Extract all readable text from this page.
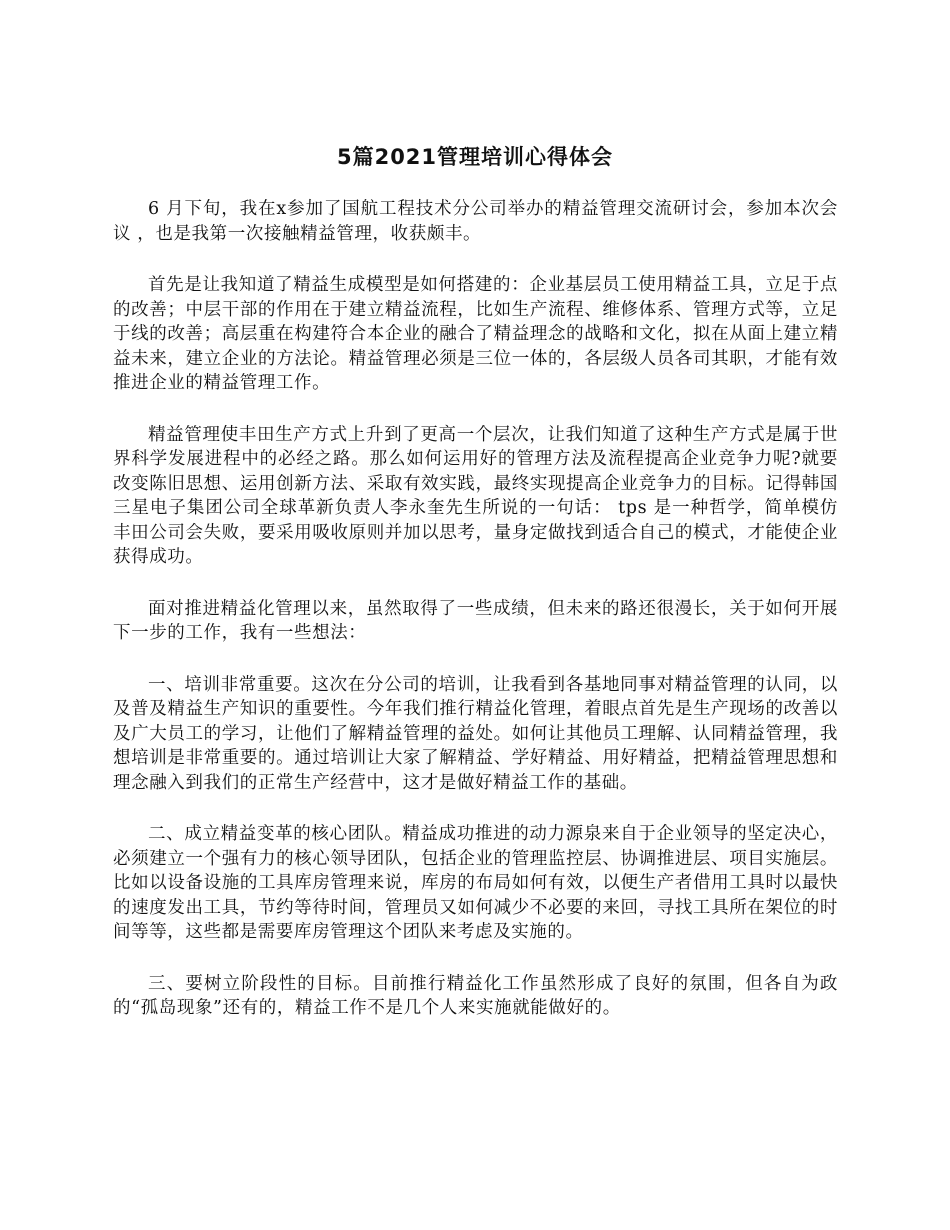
5篇2021管理培训心得体会

6 月下旬，我在x参加了国航工程技术分公司举办的精益管理交流研讨会，参加本次会议 ，也是我第一次接触精益管理，收获颇丰。

首先是让我知道了精益生成模型是如何搭建的：企业基层员工使用精益工具，立足于点的改善；中层干部的作用在于建立精益流程，比如生产流程、维修体系、管理方式等，立足于线的改善；高层重在构建符合本企业的融合了精益理念的战略和文化，拟在从面上建立精益未来，建立企业的方法论。精益管理必须是三位一体的，各层级人员各司其职，才能有效推进企业的精益管理工作。

精益管理使丰田生产方式上升到了更高一个层次，让我们知道了这种生产方式是属于世界科学发展进程中的必经之路。那么如何运用好的管理方法及流程提高企业竞争力呢?就要改变陈旧思想、运用创新方法、采取有效实践，最终实现提高企业竞争力的目标。记得韩国三星电子集团公司全球革新负责人李永奎先生所说的一句话： tps 是一种哲学，简单模仿丰田公司会失败，要采用吸收原则并加以思考，量身定做找到适合自己的模式，才能使企业获得成功。

面对推进精益化管理以来，虽然取得了一些成绩，但未来的路还很漫长，关于如何开展下一步的工作，我有一些想法：

一、培训非常重要。这次在分公司的培训，让我看到各基地同事对精益管理的认同，以及普及精益生产知识的重要性。今年我们推行精益化管理，着眼点首先是生产现场的改善以及广大员工的学习，让他们了解精益管理的益处。如何让其他员工理解、认同精益管理，我想培训是非常重要的。通过培训让大家了解精益、学好精益、用好精益，把精益管理思想和理念融入到我们的正常生产经营中，这才是做好精益工作的基础。

二、成立精益变革的核心团队。精益成功推进的动力源泉来自于企业领导的坚定决心，必须建立一个强有力的核心领导团队，包括企业的管理监控层、协调推进层、项目实施层。比如以设备设施的工具库房管理来说，库房的布局如何有效，以便生产者借用工具时以最快的速度发出工具，节约等待时间，管理员又如何减少不必要的来回，寻找工具所在架位的时间等等，这些都是需要库房管理这个团队来考虑及实施的。

三、要树立阶段性的目标。目前推行精益化工作虽然形成了良好的氛围，但各自为政的“孤岛现象”还有的，精益工作不是几个人来实施就能做好的。
